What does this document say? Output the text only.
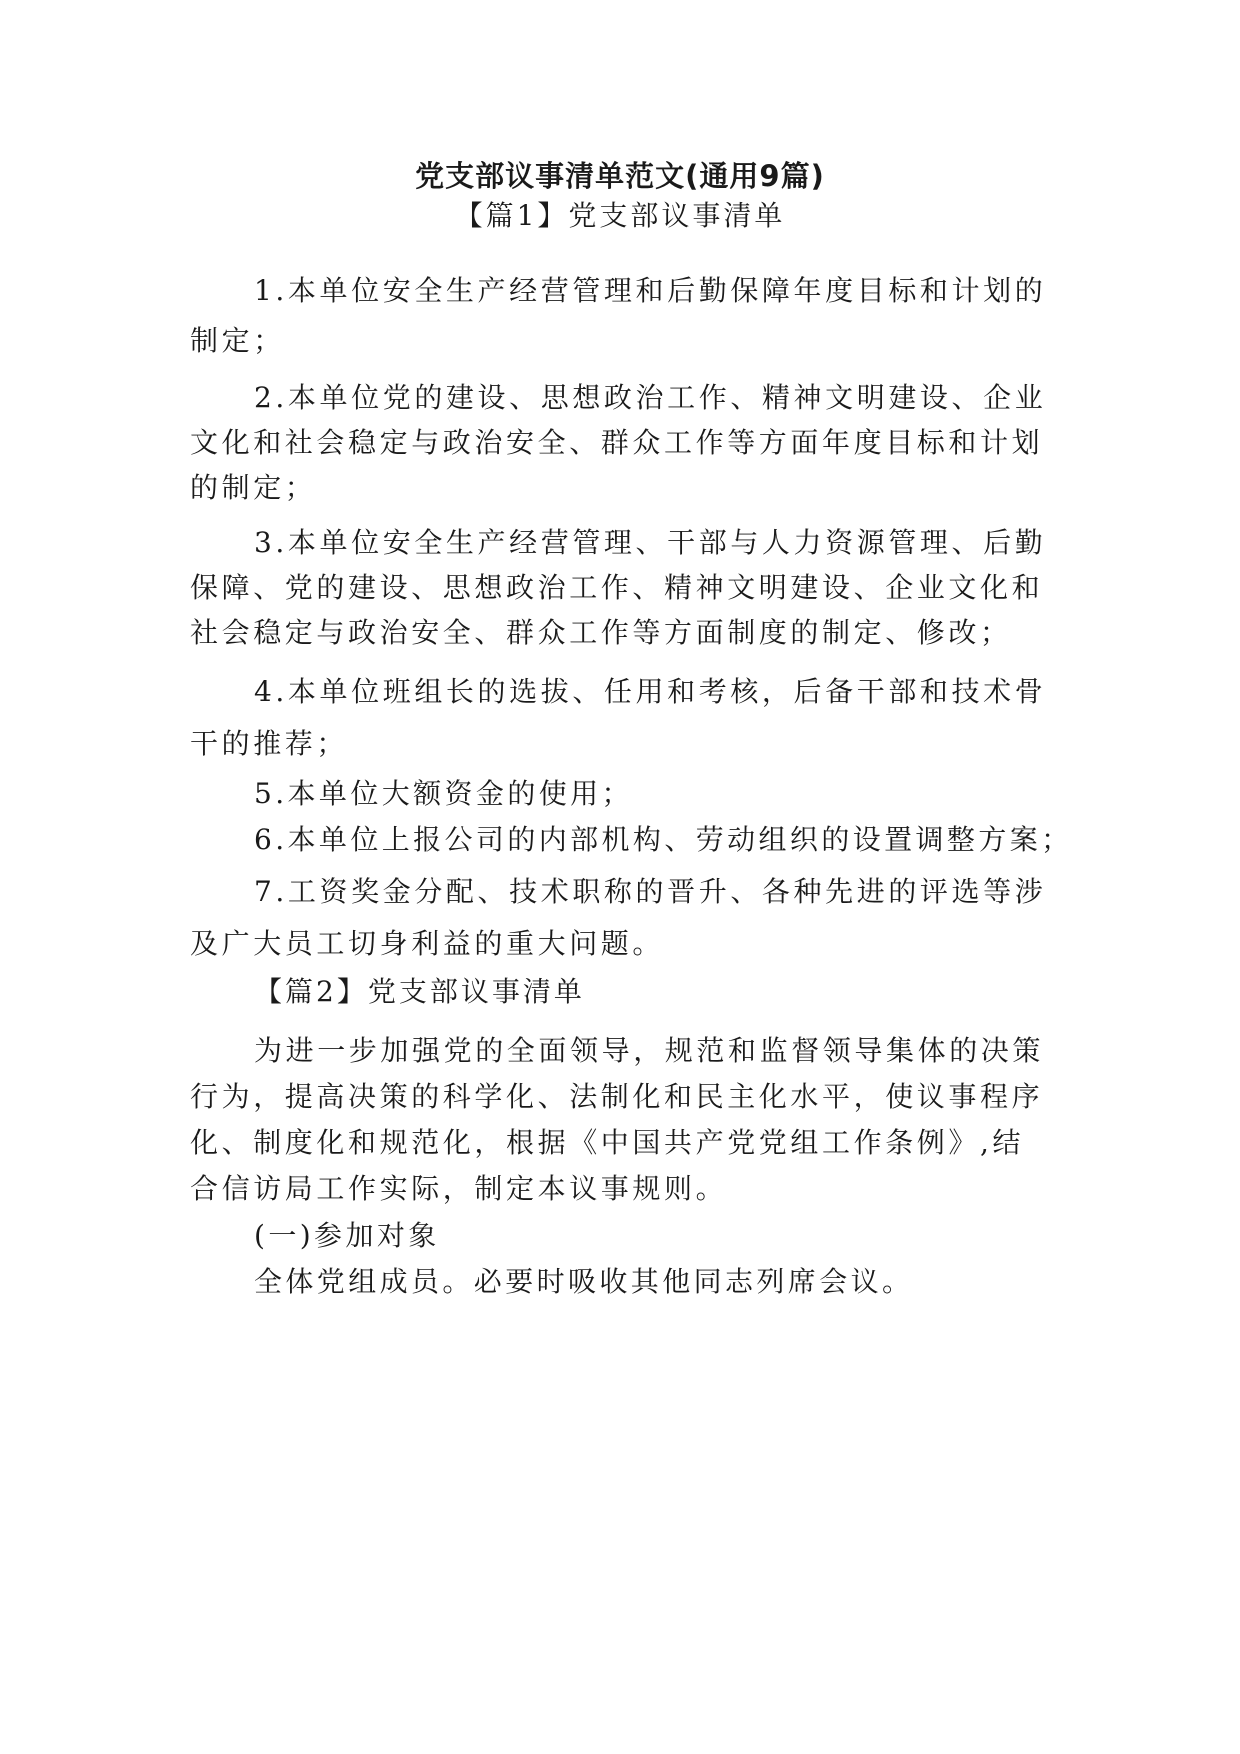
党支部议事清单范文(通用9篇)
【篇1】党支部议事清单
1.本单位安全生产经营管理和后勤保障年度目标和计划的制定；
2.本单位党的建设、思想政治工作、精神文明建设、企业文化和社会稳定与政治安全、群众工作等方面年度目标和计划的制定；
3.本单位安全生产经营管理、干部与人力资源管理、后勤保障、党的建设、思想政治工作、精神文明建设、企业文化和社会稳定与政治安全、群众工作等方面制度的制定、修改；
4.本单位班组长的选拔、任用和考核，后备干部和技术骨干的推荐；
5.本单位大额资金的使用；
6.本单位上报公司的内部机构、劳动组织的设置调整方案；
7.工资奖金分配、技术职称的晋升、各种先进的评选等涉及广大员工切身利益的重大问题。
【篇2】党支部议事清单
为进一步加强党的全面领导，规范和监督领导集体的决策行为，提高决策的科学化、法制化和民主化水平，使议事程序化、制度化和规范化，根据《中国共产党党组工作条例》,结合信访局工作实际，制定本议事规则。
(一)参加对象
全体党组成员。必要时吸收其他同志列席会议。
